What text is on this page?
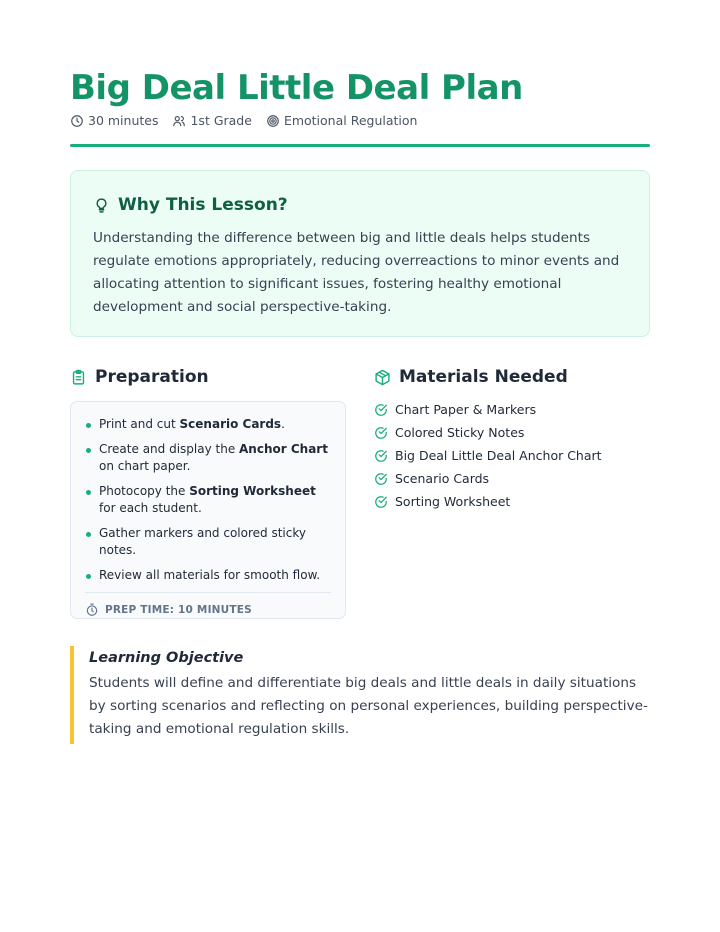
Big Deal Little Deal Plan
30 minutes	1st Grade	Emotional Regulation
Why This Lesson?

Understanding the difference between big and little deals helps students regulate emotions appropriately, reducing overreactions to minor events and allocating attention to significant issues, fostering healthy emotional development and social perspective-taking.

Preparation
Print and cut Scenario Cards.
Create and display the Anchor Chart on chart paper.
Photocopy the Sorting Worksheet for each student.
Gather markers and colored sticky notes.
Review all materials for smooth flow.
PREP TIME: 10 MINUTES
Materials Needed
Chart Paper & Markers
Colored Sticky Notes
Big Deal Little Deal Anchor Chart
Scenario Cards
Sorting Worksheet
Learning Objective

Students will define and differentiate big deals and little deals in daily situations by sorting scenarios and reflecting on personal experiences, building perspective-taking and emotional regulation skills.
